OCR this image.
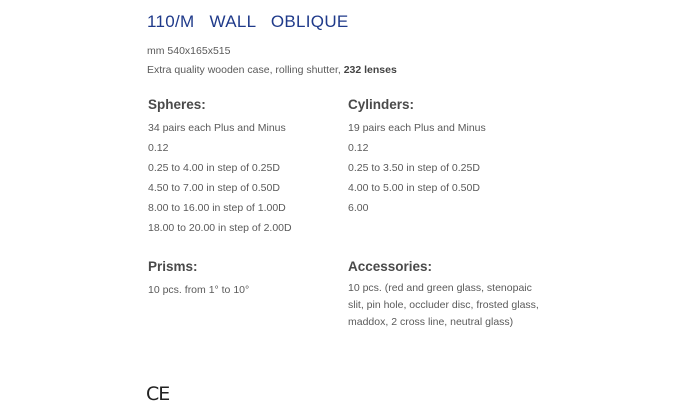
110/M   WALL   OBLIQUE
mm 540x165x515
Extra quality wooden case, rolling shutter, 232 lenses
Spheres:
34 pairs each Plus and Minus
0.12
0.25 to 4.00 in step of 0.25D
4.50 to 7.00 in step of 0.50D
8.00 to 16.00 in step of 1.00D
18.00 to 20.00 in step of 2.00D
Cylinders:
19 pairs each Plus and Minus
0.12
0.25 to 3.50 in step of 0.25D
4.00 to 5.00 in step of 0.50D
6.00
Prisms:
10 pcs. from 1° to 10°
Accessories:
10 pcs. (red and green glass, stenopaic slit, pin hole, occluder disc, frosted glass, maddox, 2 cross line, neutral glass)
CE
